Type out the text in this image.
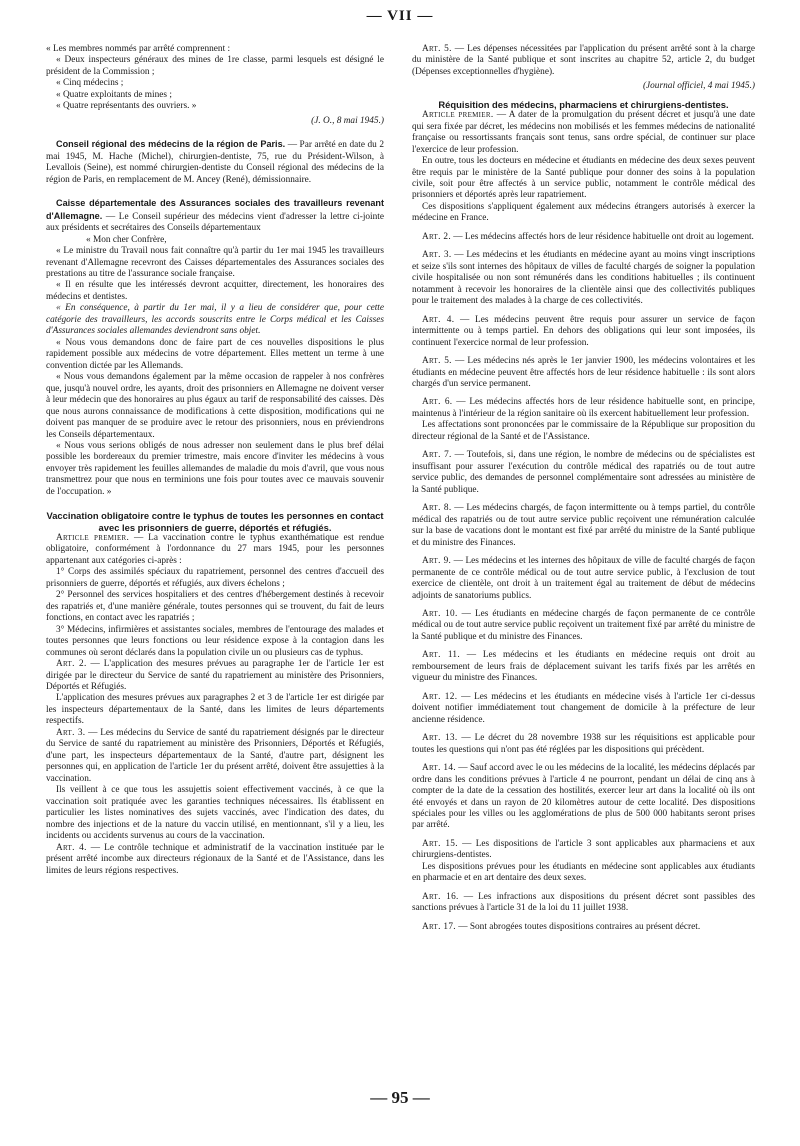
— VII —

« Les membres nommés par arrêté comprennent :

« Deux inspecteurs généraux des mines de 1re classe, parmi lesquels est désigné le président de la Commission ;

« Cinq médecins ;

« Quatre exploitants de mines ;

« Quatre représentants des ouvriers. »

(J. O., 8 mai 1945.)

Conseil régional des médecins de la région de Paris. — Par arrêté en date du 2 mai 1945, M. Hache (Michel), chirurgien-dentiste, 75, rue du Président-Wilson, à Levallois (Seine), est nommé chirurgien-dentiste du Conseil régional des médecins de la région de Paris, en remplacement de M. Ancey (René), démissionnaire.

Caisse départementale des Assurances sociales des travailleurs revenant d'Allemagne. — Le Conseil supérieur des médecins vient d'adresser la lettre ci-jointe aux présidents et secrétaires des Conseils départementaux

« Mon cher Confrère,

« Le ministre du Travail nous fait connaître qu'à partir du 1er mai 1945 les travailleurs revenant d'Allemagne recevront des Caisses départementales des Assurances sociales des prestations au titre de l'assurance sociale française.

« Il en résulte que les intéressés devront acquitter, directement, les honoraires des médecins et dentistes.

« En conséquence, à partir du 1er mai, il y a lieu de considérer que, pour cette catégorie des travailleurs, les accords souscrits entre le Corps médical et les Caisses d'Assurances sociales allemandes deviendront sans objet.

« Nous vous demandons donc de faire part de ces nouvelles dispositions le plus rapidement possible aux médecins de votre département. Elles mettent un terme à une convention dictée par les Allemands.

« Nous vous demandons également par la même occasion de rappeler à nos confrères que, jusqu'à nouvel ordre, les ayants, droit des prisonniers en Allemagne ne doivent verser à leur médecin que des honoraires au plus égaux au tarif de responsabilité des caisses. Dès que nous aurons connaissance de modifications à cette disposition, modifications qui ne doivent pas manquer de se produire avec le retour des prisonniers, nous en préviendrons les Conseils départementaux.

« Nous vous serions obligés de nous adresser non seulement dans le plus bref délai possible les bordereaux du premier trimestre, mais encore d'inviter les médecins à vous envoyer très rapidement les feuilles allemandes de maladie du mois d'avril, que vous nous transmettrez pour que nous en terminions une fois pour toutes avec ce mauvais souvenir de l'occupation. »

Vaccination obligatoire contre le typhus de toutes les personnes en contact avec les prisonniers de guerre, déportés et réfugiés.

Article premier. — La vaccination contre le typhus exanthématique est rendue obligatoire, conformément à l'ordonnance du 27 mars 1945, pour les personnes appartenant aux catégories ci-après :

1° Corps des assimilés spéciaux du rapatriement, personnel des centres d'accueil des prisonniers de guerre, déportés et réfugiés, aux divers échelons ;

2° Personnel des services hospitaliers et des centres d'hébergement destinés à recevoir des rapatriés et, d'une manière générale, toutes personnes qui se trouvent, du fait de leurs fonctions, en contact avec les rapatriés ;

3° Médecins, infirmières et assistantes sociales, membres de l'entourage des malades et toutes personnes que leurs fonctions ou leur résidence expose à la contagion dans les communes où seront déclarés dans la population civile un ou plusieurs cas de typhus.

Art. 2. — L'application des mesures prévues au paragraphe 1er de l'article 1er est dirigée par le directeur du Service de santé du rapatriement au ministère des Prisonniers, Déportés et Réfugiés.

L'application des mesures prévues aux paragraphes 2 et 3 de l'article 1er est dirigée par les inspecteurs départementaux de la Santé, dans les limites de leurs départements respectifs.

Art. 3. — Les médecins du Service de santé du rapatriement désignés par le directeur du Service de santé du rapatriement au ministère des Prisonniers, Déportés et Réfugiés, d'une part, les inspecteurs départementaux de la Santé, d'autre part, désignent les personnes qui, en application de l'article 1er du présent arrêté, doivent être assujetties à la vaccination.

Ils veillent à ce que tous les assujettis soient effectivement vaccinés, à ce que la vaccination soit pratiquée avec les garanties techniques nécessaires. Ils établissent en particulier les listes nominatives des sujets vaccinés, avec l'indication des dates, du nombre des injections et de la nature du vaccin utilisé, en mentionnant, s'il y a lieu, les incidents ou accidents survenus au cours de la vaccination.

Art. 4. — Le contrôle technique et administratif de la vaccination instituée par le présent arrêté incombe aux directeurs régionaux de la Santé et de l'Assistance, dans les limites de leurs régions respectives.

Art. 5. — Les dépenses nécessitées par l'application du présent arrêté sont à la charge du ministère de la Santé publique et sont inscrites au chapitre 52, article 2, du budget (Dépenses exceptionnelles d'hygiène).

(Journal officiel, 4 mai 1945.)

Réquisition des médecins, pharmaciens et chirurgiens-dentistes.

Article premier. — A dater de la promulgation du présent décret et jusqu'à une date qui sera fixée par décret, les médecins non mobilisés et les femmes médecins de nationalité française ou ressortissants français sont tenus, sans ordre spécial, de continuer sur place l'exercice de leur profession.

En outre, tous les docteurs en médecine et étudiants en médecine des deux sexes peuvent être requis par le ministère de la Santé publique pour donner des soins à la population civile, soit pour être affectés à un service public, notamment le contrôle médical des prisonniers et déportés après leur rapatriement.

Ces dispositions s'appliquent également aux médecins étrangers autorisés à exercer la médecine en France.

Art. 2. — Les médecins affectés hors de leur résidence habituelle ont droit au logement.

Art. 3. — Les médecins et les étudiants en médecine ayant au moins vingt inscriptions et seize s'ils sont internes des hôpitaux de villes de faculté chargés de soigner la population civile hospitalisée ou non sont rémunérés dans les conditions habituelles ; ils continuent notamment à recevoir les honoraires de la clientèle ainsi que des collectivités publiques pour le traitement des malades à la charge de ces collectivités.

Art. 4. — Les médecins peuvent être requis pour assurer un service de façon intermittente ou à temps partiel. En dehors des obligations qui leur sont imposées, ils continuent l'exercice normal de leur profession.

Art. 5. — Les médecins nés après le 1er janvier 1900, les médecins volontaires et les étudiants en médecine peuvent être affectés hors de leur résidence habituelle : ils sont alors chargés d'un service permanent.

Art. 6. — Les médecins affectés hors de leur résidence habituelle sont, en principe, maintenus à l'intérieur de la région sanitaire où ils exercent habituellement leur profession.

Les affectations sont prononcées par le commissaire de la République sur proposition du directeur régional de la Santé et de l'Assistance.

Art. 7. — Toutefois, si, dans une région, le nombre de médecins ou de spécialistes est insuffisant pour assurer l'exécution du contrôle médical des rapatriés ou de tout autre service public, des demandes de personnel complémentaire sont adressées au ministère de la Santé publique.

Art. 8. — Les médecins chargés, de façon intermittente ou à temps partiel, du contrôle médical des rapatriés ou de tout autre service public reçoivent une rémunération calculée sur la base de vacations dont le montant est fixé par arrêté du ministre de la Santé publique et du ministre des Finances.

Art. 9. — Les médecins et les internes des hôpitaux de ville de faculté chargés de façon permanente de ce contrôle médical ou de tout autre service public, à l'exclusion de tout exercice de clientèle, ont droit à un traitement égal au traitement de début de médecins adjoints de sanatoriums publics.

Art. 10. — Les étudiants en médecine chargés de façon permanente de ce contrôle médical ou de tout autre service public reçoivent un traitement fixé par arrêté du ministre de la Santé publique et du ministre des Finances.

Art. 11. — Les médecins et les étudiants en médecine requis ont droit au remboursement de leurs frais de déplacement suivant les tarifs fixés par les arrêtés en vigueur du ministre des Finances.

Art. 12. — Les médecins et les étudiants en médecine visés à l'article 1er ci-dessus doivent notifier immédiatement tout changement de domicile à la préfecture de leur ancienne résidence.

Art. 13. — Le décret du 28 novembre 1938 sur les réquisitions est applicable pour toutes les questions qui n'ont pas été réglées par les dispositions qui précèdent.

Art. 14. — Sauf accord avec le ou les médecins de la localité, les médecins déplacés par ordre dans les conditions prévues à l'article 4 ne pourront, pendant un délai de cinq ans à compter de la date de la cessation des hostilités, exercer leur art dans la localité où ils ont été envoyés et dans un rayon de 20 kilomètres autour de cette localité. Des dispositions spéciales pour les villes ou les agglomérations de plus de 500 000 habitants seront prises par arrêté.

Art. 15. — Les dispositions de l'article 3 sont applicables aux pharmaciens et aux chirurgiens-dentistes.

Les dispositions prévues pour les étudiants en médecine sont applicables aux étudiants en pharmacie et en art dentaire des deux sexes.

Art. 16. — Les infractions aux dispositions du présent décret sont passibles des sanctions prévues à l'article 31 de la loi du 11 juillet 1938.

Art. 17. — Sont abrogées toutes dispositions contraires au présent décret.

— 95 —
